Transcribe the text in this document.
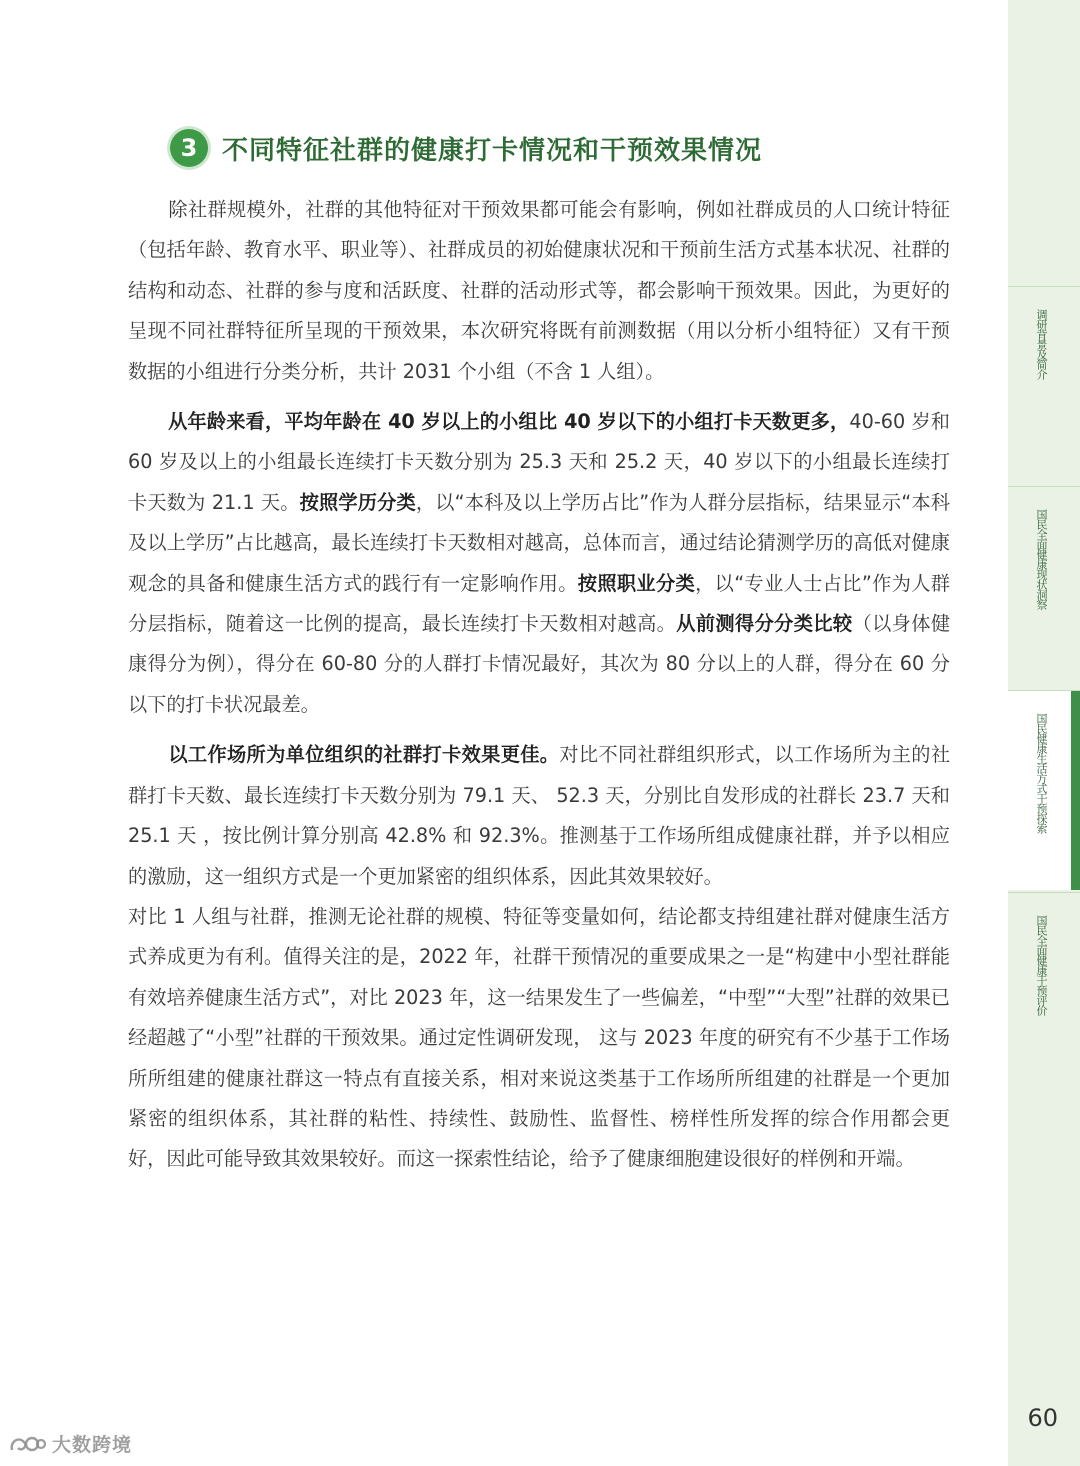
调研背景及简介
国民全面健康现状洞察
国民健康生活方式干预探索
国民全面健康干预评价
3 不同特征社群的健康打卡情况和干预效果情况

除社群规模外，社群的其他特征对干预效果都可能会有影响，例如社群成员的人口统计特征（包括年龄、教育水平、职业等）、社群成员的初始健康状况和干预前生活方式基本状况、社群的结构和动态、社群的参与度和活跃度、社群的活动形式等，都会影响干预效果。因此，为更好的呈现不同社群特征所呈现的干预效果，本次研究将既有前测数据（用以分析小组特征）又有干预数据的小组进行分类分析，共计 2031 个小组（不含 1 人组）。

从年龄来看，平均年龄在 40 岁以上的小组比 40 岁以下的小组打卡天数更多，40-60 岁和 60 岁及以上的小组最长连续打卡天数分别为 25.3 天和 25.2 天，40 岁以下的小组最长连续打卡天数为 21.1 天。按照学历分类，以“本科及以上学历占比”作为人群分层指标，结果显示“本科及以上学历”占比越高，最长连续打卡天数相对越高，总体而言，通过结论猜测学历的高低对健康观念的具备和健康生活方式的践行有一定影响作用。按照职业分类，以“专业人士占比”作为人群分层指标，随着这一比例的提高，最长连续打卡天数相对越高。从前测得分分类比较（以身体健康得分为例），得分在 60-80 分的人群打卡情况最好，其次为 80 分以上的人群，得分在 60 分以下的打卡状况最差。

以工作场所为单位组织的社群打卡效果更佳。对比不同社群组织形式，以工作场所为主的社群打卡天数、最长连续打卡天数分别为 79.1 天、 52.3 天，分别比自发形成的社群长 23.7 天和 25.1 天 ，按比例计算分别高 42.8% 和 92.3%。推测基于工作场所组成健康社群，并予以相应的激励，这一组织方式是一个更加紧密的组织体系，因此其效果较好。

对比 1 人组与社群，推测无论社群的规模、特征等变量如何，结论都支持组建社群对健康生活方式养成更为有利。值得关注的是，2022 年，社群干预情况的重要成果之一是“构建中小型社群能有效培养健康生活方式”，对比 2023 年，这一结果发生了一些偏差，“中型”“大型”社群的效果已经超越了“小型”社群的干预效果。通过定性调研发现， 这与 2023 年度的研究有不少基于工作场所所组建的健康社群这一特点有直接关系，相对来说这类基于工作场所所组建的社群是一个更加紧密的组织体系，其社群的粘性、持续性、鼓励性、监督性、榜样性所发挥的综合作用都会更好，因此可能导致其效果较好。而这一探索性结论，给予了健康细胞建设很好的样例和开端。

60
大数跨境
